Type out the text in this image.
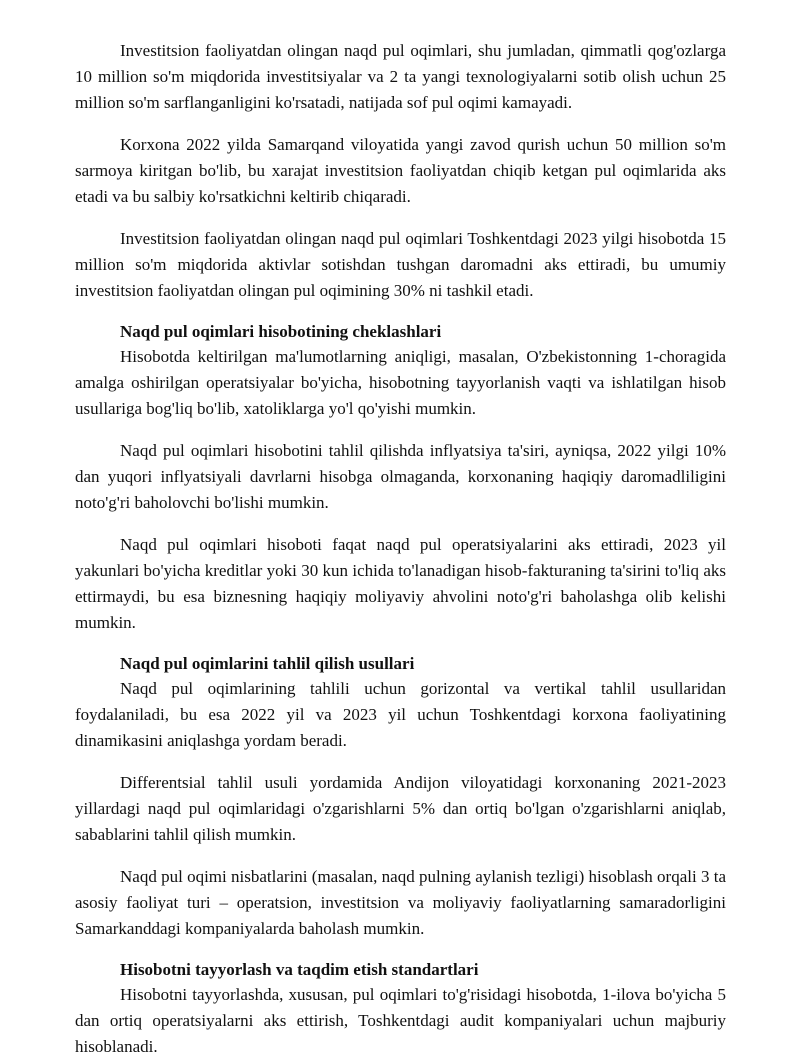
Investitsion faoliyatdan olingan naqd pul oqimlari, shu jumladan, qimmatli qog'ozlarga 10 million so'm miqdorida investitsiyalar va 2 ta yangi texnologiyalarni sotib olish uchun 25 million so'm sarflanganligini ko'rsatadi, natijada sof pul oqimi kamayadi.

Korxona 2022 yilda Samarqand viloyatida yangi zavod qurish uchun 50 million so'm sarmoya kiritgan bo'lib, bu xarajat investitsion faoliyatdan chiqib ketgan pul oqimlarida aks etadi va bu salbiy ko'rsatkichni keltirib chiqaradi.

Investitsion faoliyatdan olingan naqd pul oqimlari Toshkentdagi 2023 yilgi hisobotda 15 million so'm miqdorida aktivlar sotishdan tushgan daromadni aks ettiradi, bu umumiy investitsion faoliyatdan olingan pul oqimining 30% ni tashkil etadi.

Naqd pul oqimlari hisobotining cheklashlari

Hisobotda keltirilgan ma'lumotlarning aniqligi, masalan, O'zbekistonning 1-choragida amalga oshirilgan operatsiyalar bo'yicha, hisobotning tayyorlanish vaqti va ishlatilgan hisob usullariga bog'liq bo'lib, xatoliklarga yo'l qo'yishi mumkin.

Naqd pul oqimlari hisobotini tahlil qilishda inflyatsiya ta'siri, ayniqsa, 2022 yilgi 10% dan yuqori inflyatsiyali davrlarni hisobga olmaganda, korxonaning haqiqiy daromadliligini noto'g'ri baholovchi bo'lishi mumkin.

Naqd pul oqimlari hisoboti faqat naqd pul operatsiyalarini aks ettiradi, 2023 yil yakunlari bo'yicha kreditlar yoki 30 kun ichida to'lanadigan hisob-fakturaning ta'sirini to'liq aks ettirmaydi, bu esa biznesning haqiqiy moliyaviy ahvolini noto'g'ri baholashga olib kelishi mumkin.

Naqd pul oqimlarini tahlil qilish usullari

Naqd pul oqimlarining tahlili uchun gorizontal va vertikal tahlil usullaridan foydalaniladi, bu esa 2022 yil va 2023 yil uchun Toshkentdagi korxona faoliyatining dinamikasini aniqlashga yordam beradi.

Differentsial tahlil usuli yordamida Andijon viloyatidagi korxonaning 2021-2023 yillardagi naqd pul oqimlaridagi o'zgarishlarni 5% dan ortiq bo'lgan o'zgarishlarni aniqlab, sabablarini tahlil qilish mumkin.

Naqd pul oqimi nisbatlarini (masalan, naqd pulning aylanish tezligi) hisoblash orqali 3 ta asosiy faoliyat turi – operatsion, investitsion va moliyaviy faoliyatlarning samaradorligini Samarkanddagi kompaniyalarda baholash mumkin.

Hisobotni tayyorlash va taqdim etish standartlari

Hisobotni tayyorlashda, xususan, pul oqimlari to'g'risidagi hisobotda, 1-ilova bo'yicha 5 dan ortiq operatsiyalarni aks ettirish, Toshkentdagi audit kompaniyalari uchun majburiy hisoblanadi.
